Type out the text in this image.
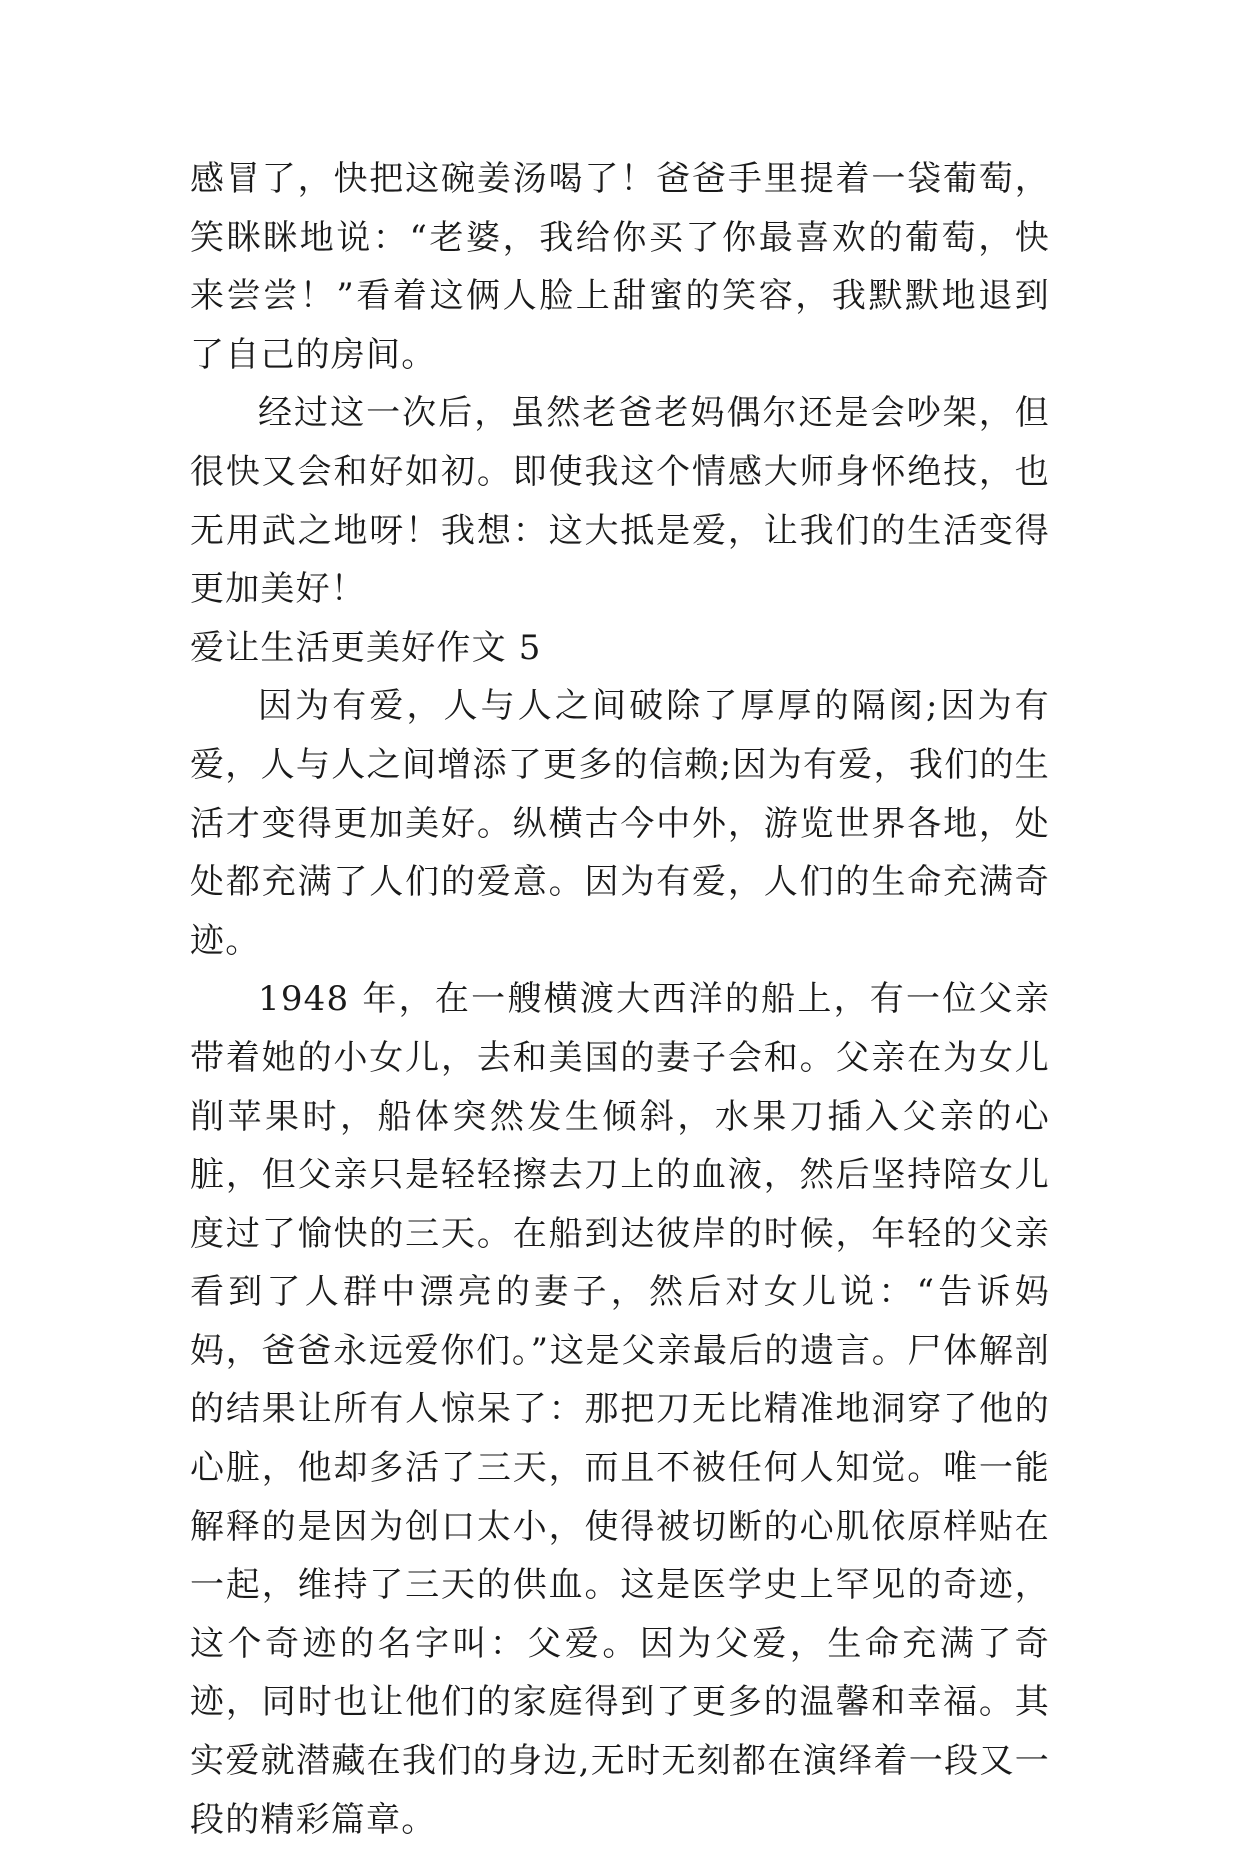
感冒了，快把这碗姜汤喝了！爸爸手里提着一袋葡萄，笑眯眯地说：“老婆，我给你买了你最喜欢的葡萄，快来尝尝！”看着这俩人脸上甜蜜的笑容，我默默地退到了自己的房间。

经过这一次后，虽然老爸老妈偶尔还是会吵架，但很快又会和好如初。即使我这个情感大师身怀绝技，也无用武之地呀！我想：这大抵是爱，让我们的生活变得更加美好！

爱让生活更美好作文 5

因为有爱，人与人之间破除了厚厚的隔阂;因为有爱，人与人之间增添了更多的信赖;因为有爱，我们的生活才变得更加美好。纵横古今中外，游览世界各地，处处都充满了人们的爱意。因为有爱，人们的生命充满奇迹。

1948 年，在一艘横渡大西洋的船上，有一位父亲带着她的小女儿，去和美国的妻子会和。父亲在为女儿削苹果时，船体突然发生倾斜，水果刀插入父亲的心脏，但父亲只是轻轻擦去刀上的血液，然后坚持陪女儿度过了愉快的三天。在船到达彼岸的时候，年轻的父亲看到了人群中漂亮的妻子，然后对女儿说：“告诉妈妈，爸爸永远爱你们。”这是父亲最后的遗言。尸体解剖的结果让所有人惊呆了：那把刀无比精准地洞穿了他的心脏，他却多活了三天，而且不被任何人知觉。唯一能解释的是因为创口太小，使得被切断的心肌依原样贴在一起，维持了三天的供血。这是医学史上罕见的奇迹，这个奇迹的名字叫：父爱。因为父爱，生命充满了奇迹，同时也让他们的家庭得到了更多的温馨和幸福。其实爱就潜藏在我们的身边,无时无刻都在演绎着一段又一段的精彩篇章。
